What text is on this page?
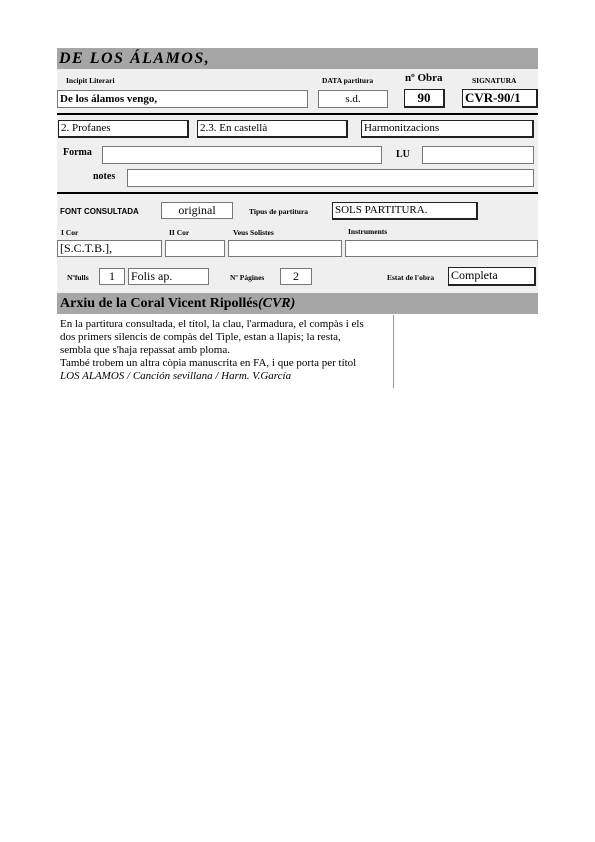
DE LOS ÁLAMOS,
Incipit Literari	DATA partitura	nº Obra	SIGNATURA
De los álamos vengo,	s.d.	90	CVR-90/1
2. Profanes	2.3. En castellà	Harmonitzacions
Forma	LU
notes
FONT CONSULTADA	original	Tipus de partitura SOLS PARTITURA.
I Cor	II Cor	Veus Solistes	Instruments
[S.C.T.B.],
Nºfulls	1	Folis ap.	Nº Pàgines	2	Estat de l'obra Completa
Arxiu de la Coral Vicent Ripollés(CVR)
En la partitura consultada, el títol, la clau, l'armadura, el compàs i els
dos primers silencis de compàs del Tiple, estan a llapis; la resta,
sembla que s'haja repassat amb ploma.
També trobem un altra còpia manuscrita en FA, i que porta per títol
LOS ALAMOS / Canción sevillana / Harm. V.García
